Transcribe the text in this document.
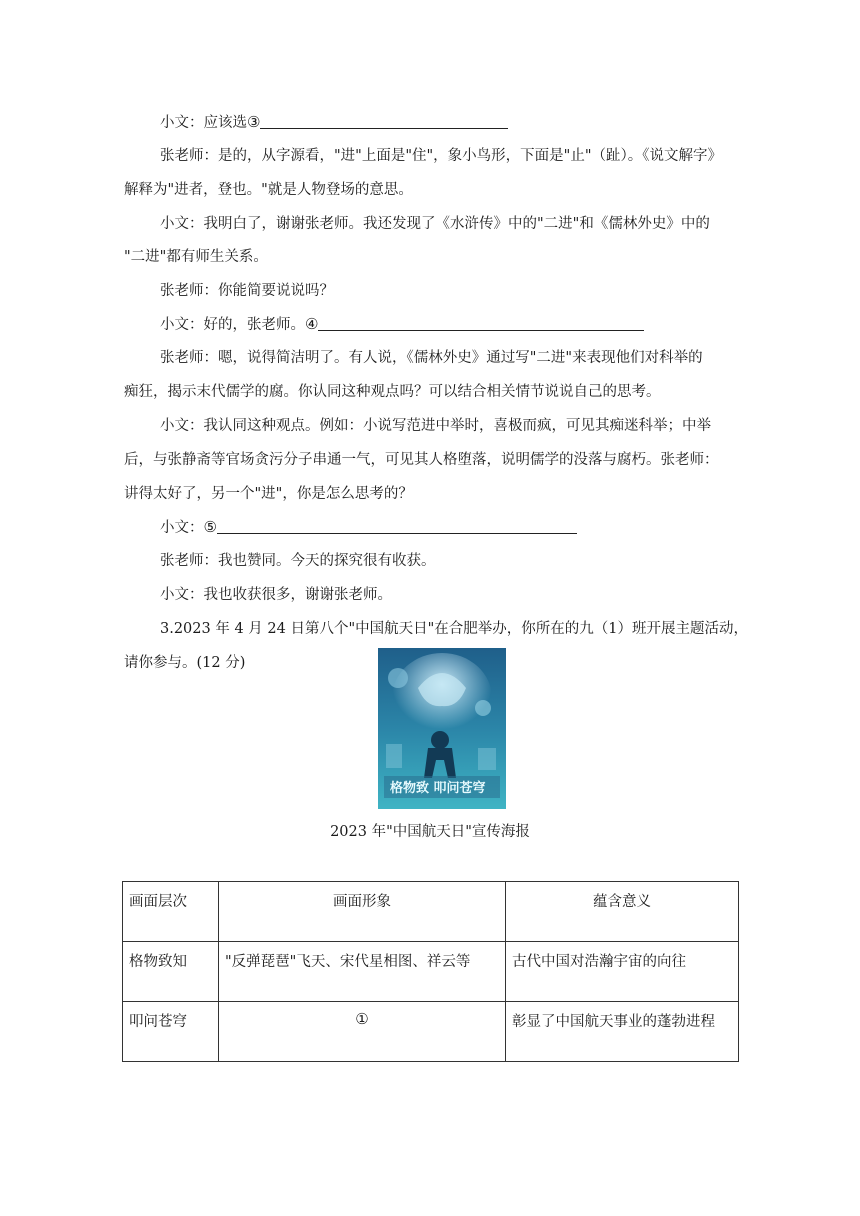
小文：应该选③
张老师：是的，从字源看，"进"上面是"住"，象小鸟形，下面是"止"（趾）。《说文解字》
解释为"进者，登也。"就是人物登场的意思。
小文：我明白了，谢谢张老师。我还发现了《水浒传》中的"二进"和《儒林外史》中的
"二进"都有师生关系。
张老师：你能简要说说吗？
小文：好的，张老师。④
张老师：嗯，说得简洁明了。有人说，《儒林外史》通过写"二进"来表现他们对科举的
痴狂，揭示末代儒学的腐。你认同这种观点吗？可以结合相关情节说说自己的思考。
小文：我认同这种观点。例如：小说写范进中举时，喜极而疯，可见其痴迷科举；中举
后，与张静斋等官场贪污分子串通一气，可见其人格堕落，说明儒学的没落与腐朽。张老师：
讲得太好了，另一个"进"，你是怎么思考的？
小文：⑤
张老师：我也赞同。今天的探究很有收获。
小文：我也收获很多，谢谢张老师。
3.2023 年 4 月 24 日第八个"中国航天日"在合肥举办，你所在的九（1）班开展主题活动，
请你参与。(12 分)
格物致 叩问苍穹
2023 年"中国航天日"宣传海报
画面层次	画面形象	蕴含意义
格物致知	"反弹琵琶"飞天、宋代星相图、祥云等	古代中国对浩瀚宇宙的向往
叩问苍穹	①	彰显了中国航天事业的蓬勃进程
